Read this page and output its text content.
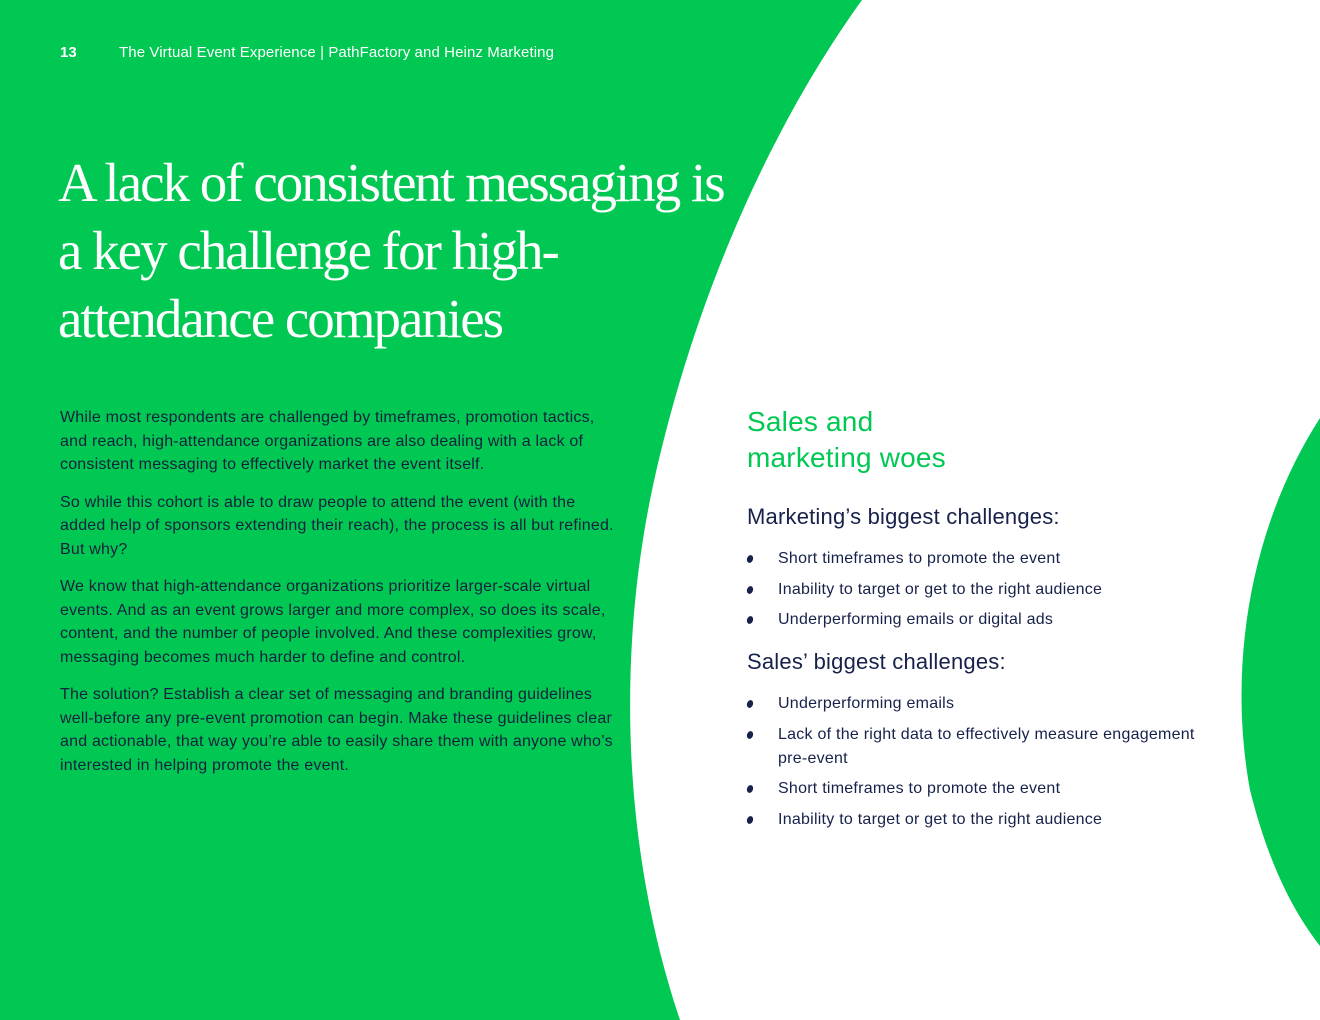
13	The Virtual Event Experience | PathFactory and Heinz Marketing
A lack of consistent messaging is a key challenge for high-attendance companies

While most respondents are challenged by timeframes, promotion tactics, and reach, high-attendance organizations are also dealing with a lack of consistent messaging to effectively market the event itself.

So while this cohort is able to draw people to attend the event (with the added help of sponsors extending their reach), the process is all but refined. But why?

We know that high-attendance organizations prioritize larger-scale virtual events. And as an event grows larger and more complex, so does its scale, content, and the number of people involved. And these complexities grow, messaging becomes much harder to define and control.

The solution? Establish a clear set of messaging and branding guidelines well-before any pre-event promotion can begin. Make these guidelines clear and actionable, that way you’re able to easily share them with anyone who’s interested in helping promote the event.

Sales and
marketing woes
Marketing’s biggest challenges:
Short timeframes to promote the event
Inability to target or get to the right audience
Underperforming emails or digital ads
Sales’ biggest challenges:
Underperforming emails
Lack of the right data to effectively measure engagement pre-event
Short timeframes to promote the event
Inability to target or get to the right audience
